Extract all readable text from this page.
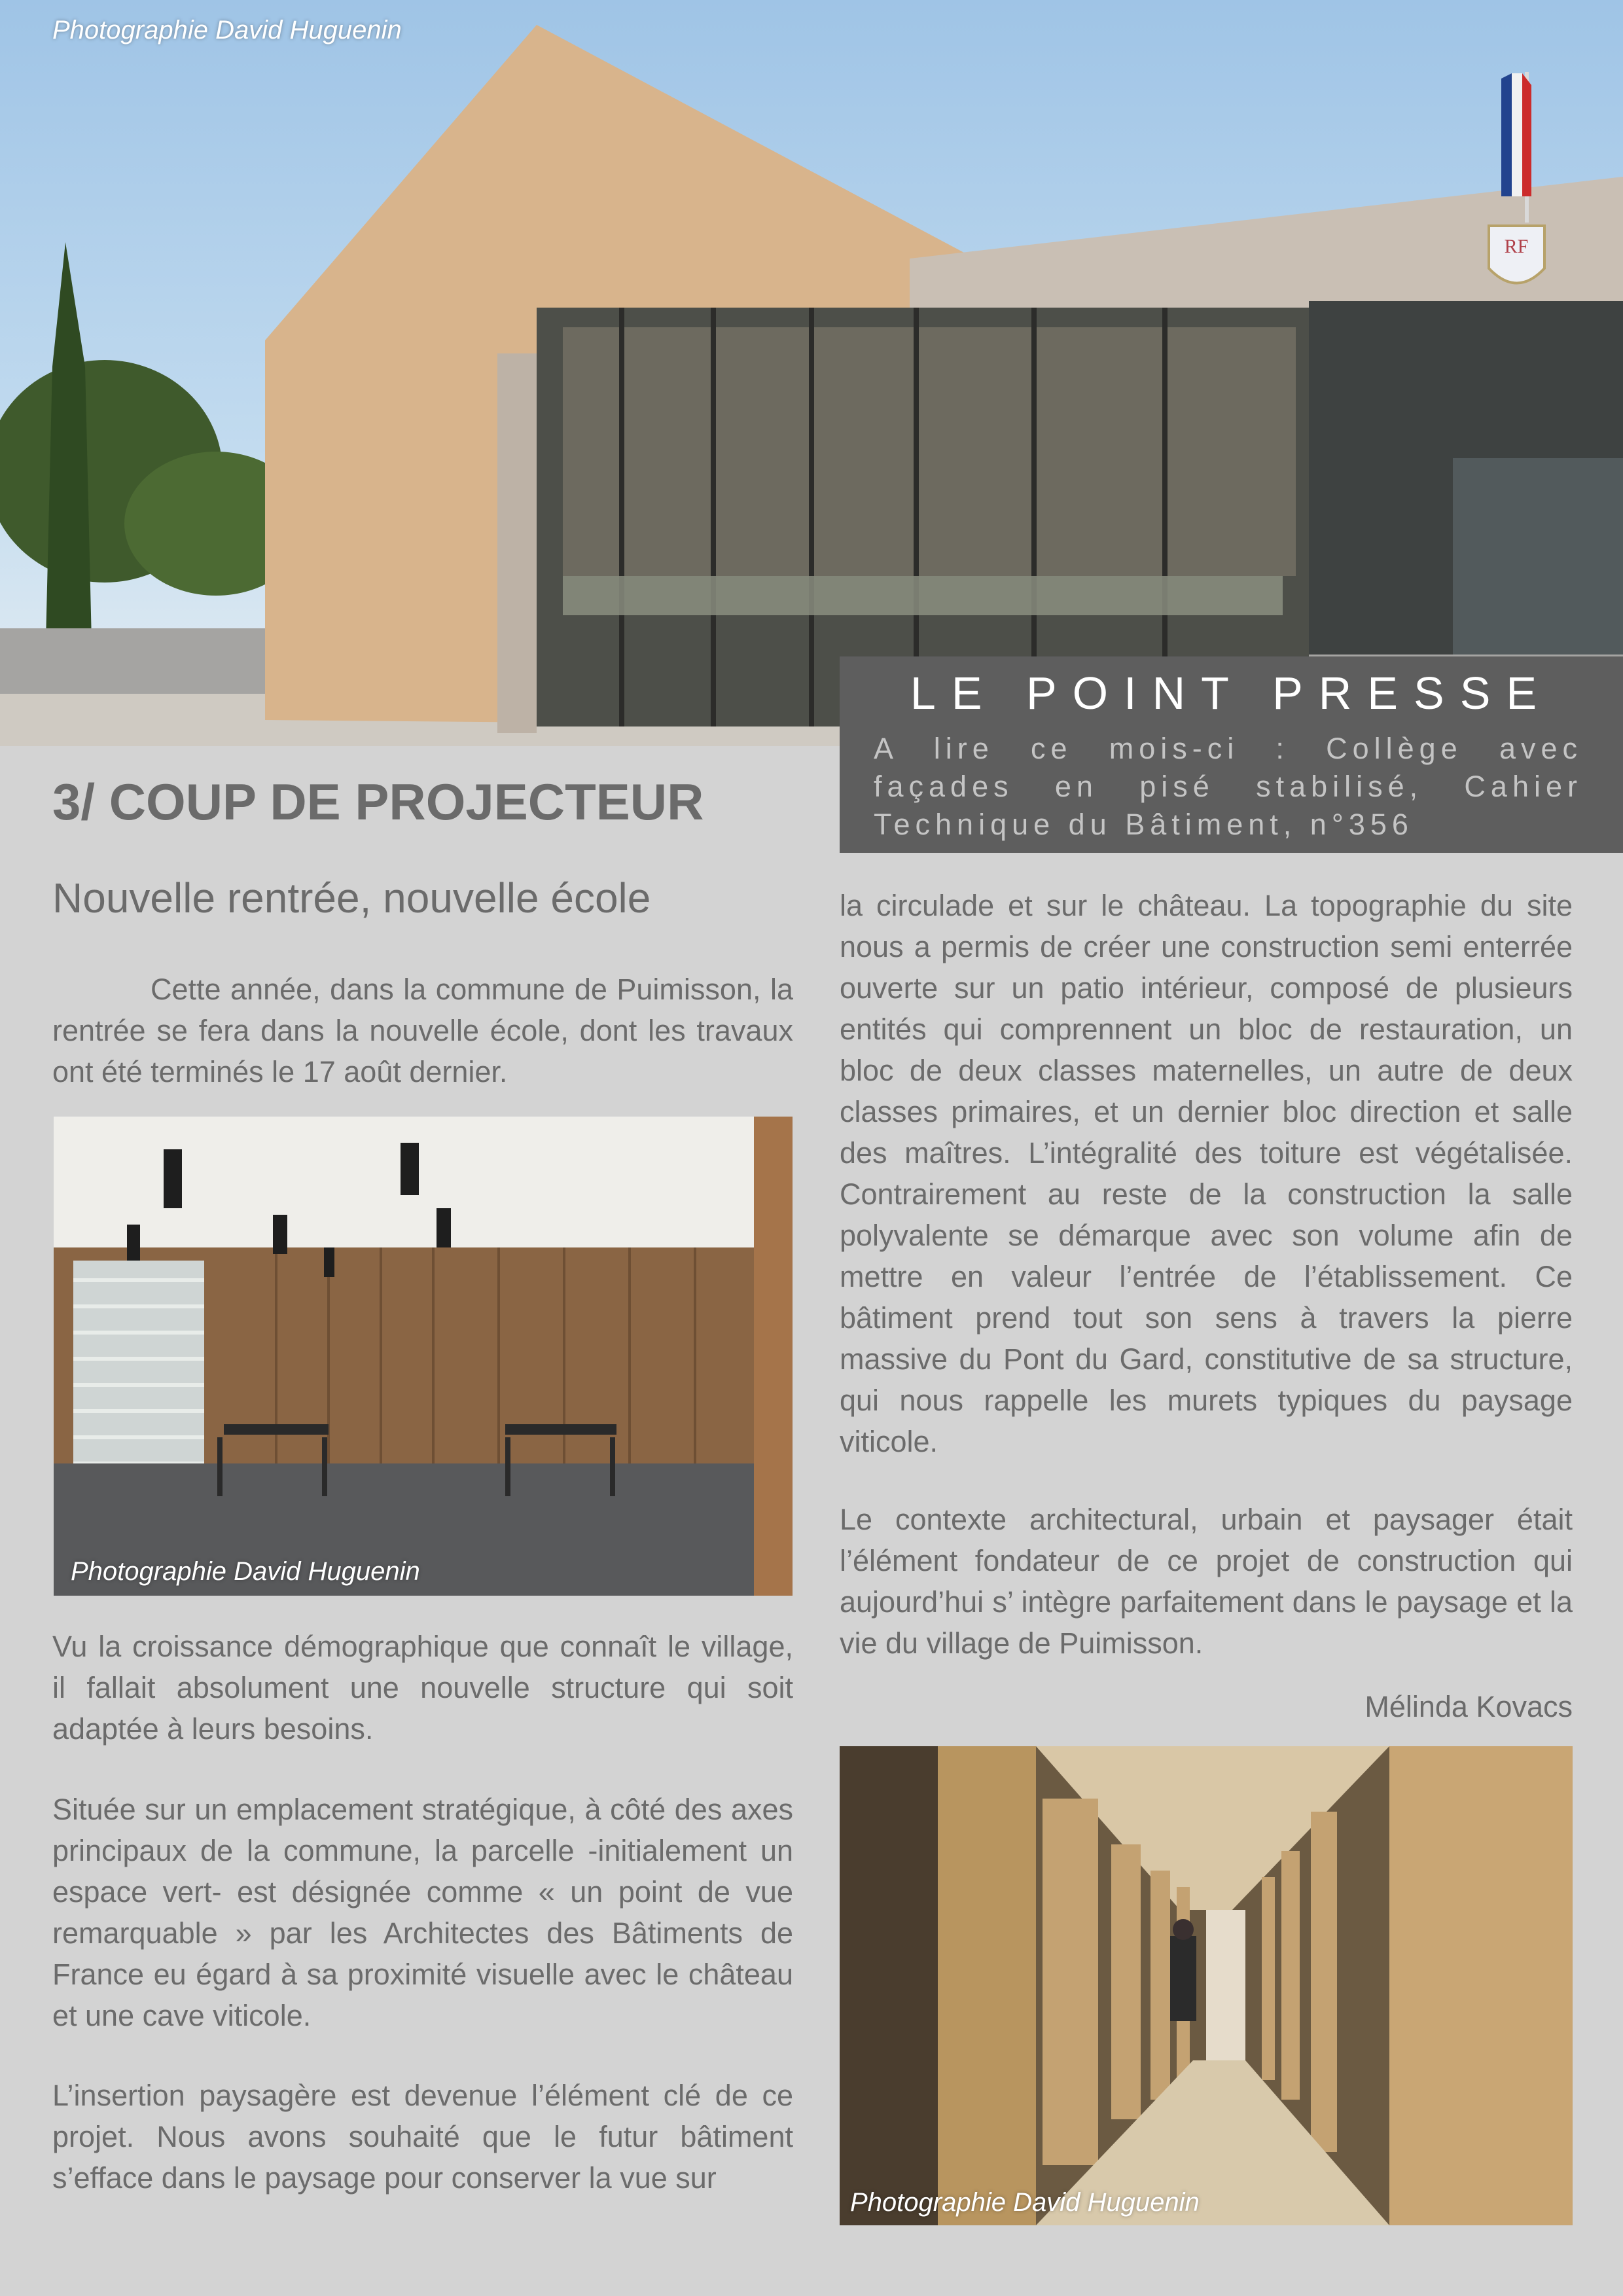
Photographie David Huguenin
RF
LE POINT PRESSE
A lire ce mois-ci : Collège avec façades en pisé stabilisé, Cahier Technique du Bâtiment, n°356
3/ COUP DE PROJECTEUR
Nouvelle rentrée, nouvelle école

Cette année, dans la commune de Puimisson, la rentrée se fera dans la nouvelle école, dont les travaux ont été terminés le 17 août dernier.

Photographie David Huguenin

Vu la croissance démographique que connaît le village, il fallait absolument une nouvelle structure qui soit adaptée à leurs besoins.

Située sur un emplacement stratégique, à côté des axes principaux de la commune, la parcelle -initialement un espace vert- est désignée comme « un point de vue remarquable » par les Architectes des Bâtiments de France eu égard à sa proximité visuelle avec le château et une cave viticole.

L’insertion paysagère est devenue l’élément clé de ce projet. Nous avons souhaité que le futur bâtiment s’efface dans le paysage pour conserver la vue sur

la circulade et sur le château. La topographie du site nous a permis de créer une construction semi enterrée ouverte sur un patio intérieur, composé de plusieurs entités qui comprennent un bloc de restauration, un bloc de deux classes maternelles, un autre de deux classes primaires, et un dernier bloc direction et salle des maîtres. L’intégralité des toiture est végétalisée. Contrairement au reste de la construction la salle polyvalente se démarque avec son volume afin de mettre en valeur l’entrée de l’établissement. Ce bâtiment prend tout son sens à travers la pierre massive du Pont du Gard, constitutive de sa structure, qui nous rappelle les murets typiques du paysage viticole.

Le contexte architectural, urbain et paysager était l’élément fondateur de ce projet de construction qui aujourd’hui s’ intègre parfaitement dans le paysage et la vie du village de Puimisson.

Mélinda Kovacs
Photographie David Huguenin
